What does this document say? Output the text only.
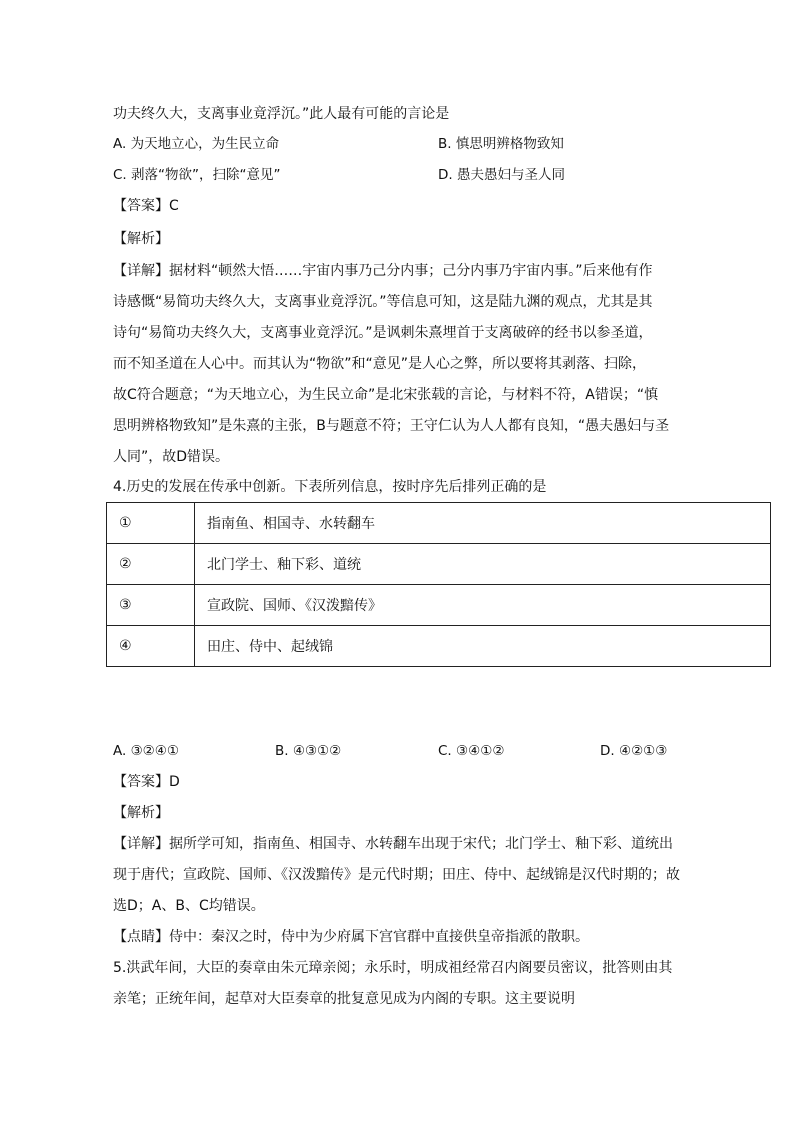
功夫终久大，支离事业竟浮沉。”此人最有可能的言论是
A. 为天地立心，为生民立命	B. 慎思明辨格物致知
C. 剥落“物欲”，扫除“意见”	D. 愚夫愚妇与圣人同
【答案】C
【解析】
【详解】据材料“顿然大悟……宇宙内事乃己分内事；己分内事乃宇宙内事。”后来他有作
诗感慨“易简功夫终久大，支离事业竟浮沉。”等信息可知，这是陆九渊的观点，尤其是其
诗句“易简功夫终久大，支离事业竟浮沉。”是讽刺朱熹埋首于支离破碎的经书以参圣道，
而不知圣道在人心中。而其认为“物欲”和“意见”是人心之弊，所以要将其剥落、扫除，
故C符合题意；“为天地立心，为生民立命”是北宋张载的言论，与材料不符，A错误；“慎
思明辨格物致知”是朱熹的主张，B与题意不符；王守仁认为人人都有良知，“愚夫愚妇与圣
人同”，故D错误。
4.历史的发展在传承中创新。下表所列信息，按时序先后排列正确的是
①	指南鱼、相国寺、水转翻车
②	北门学士、釉下彩、道统
③	宣政院、国师、《汉泼黯传》
④	田庄、侍中、起绒锦
A. ③②④①	B. ④③①②	C. ③④①②	D. ④②①③
【答案】D
【解析】
【详解】据所学可知，指南鱼、相国寺、水转翻车出现于宋代；北门学士、釉下彩、道统出
现于唐代；宣政院、国师、《汉泼黯传》是元代时期；田庄、侍中、起绒锦是汉代时期的；故
选D；A、B、C均错误。
【点睛】侍中：秦汉之时，侍中为少府属下宫官群中直接供皇帝指派的散职。
5.洪武年间，大臣的奏章由朱元璋亲阅；永乐时，明成祖经常召内阁要员密议，批答则由其
亲笔；正统年间，起草对大臣奏章的批复意见成为内阁的专职。这主要说明
